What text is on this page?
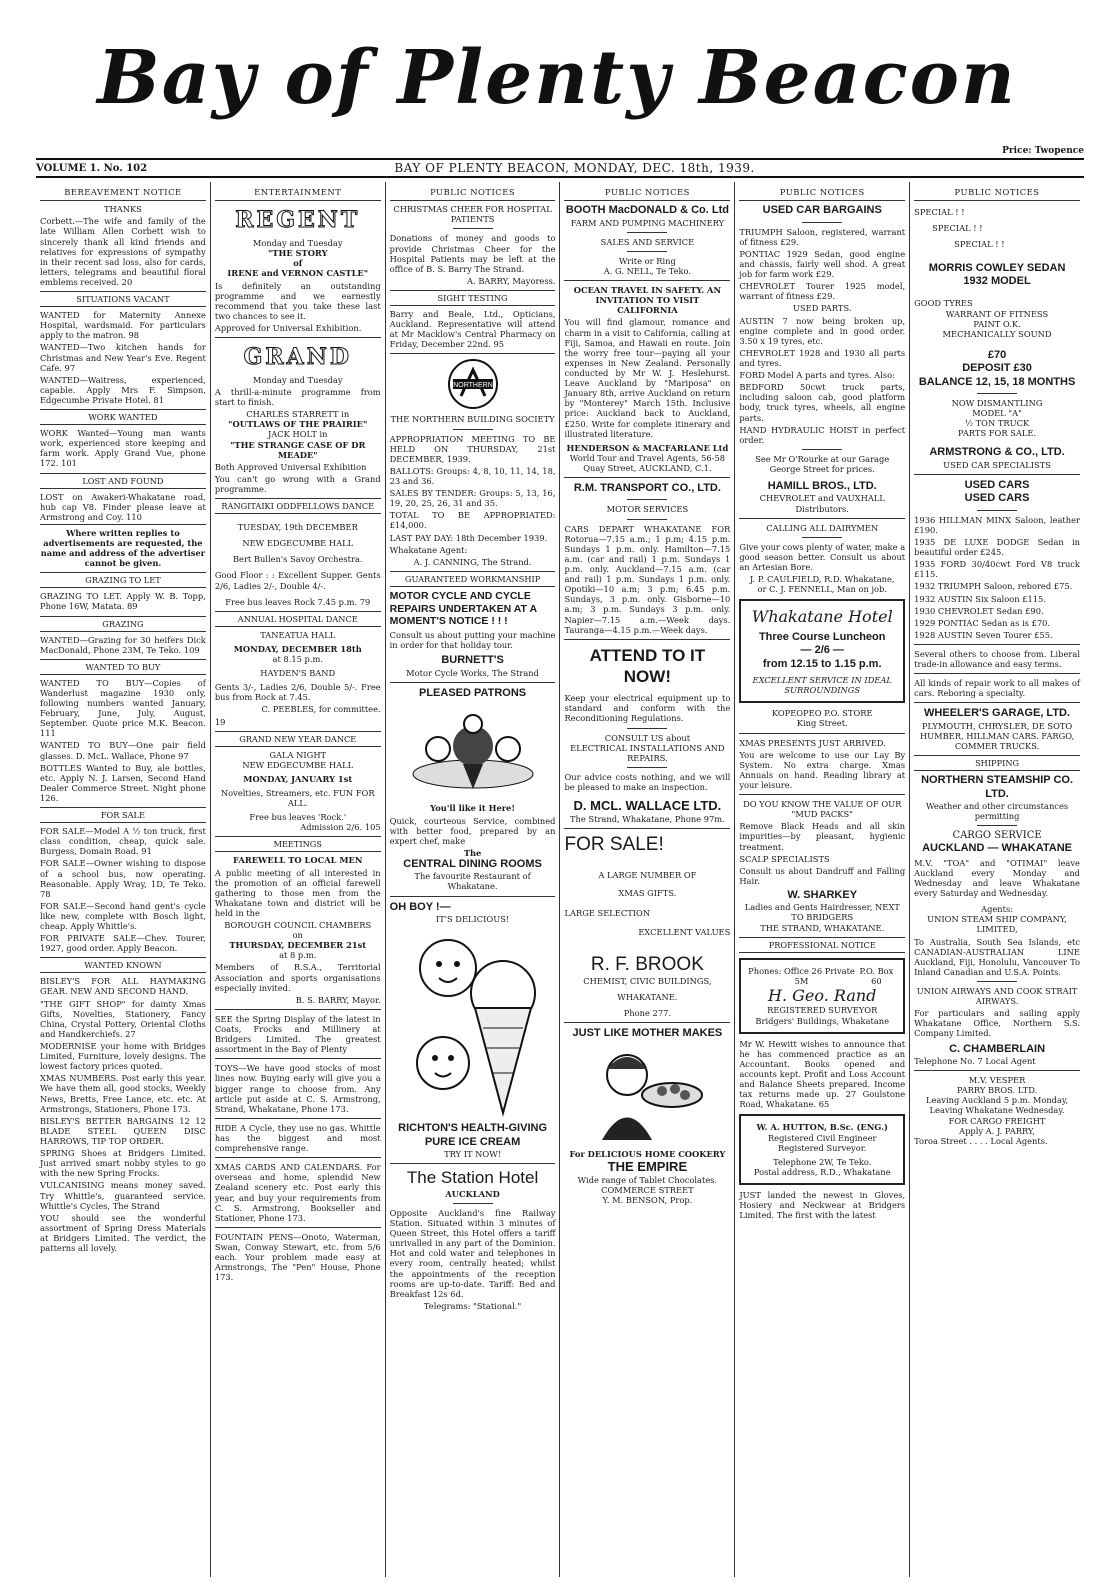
Bay of Plenty Beacon
VOLUME 1. No. 102	BAY OF PLENTY BEACON, MONDAY, DEC. 18th, 1939.
Price: Twopence
BEREAVEMENT NOTICE
THANKS

Corbett.—The wife and family of the late William Allen Corbett wish to sincerely thank all kind friends and relatives for expressions of sympathy in their recent sad loss, also for cards, letters, telegrams and beautiful floral emblems received. 20

SITUATIONS VACANT

WANTED for Maternity Annexe Hospital, wardsmaid. For particulars apply to the matron. 98

WANTED—Two kitchen hands for Christmas and New Year's Eve. Regent Cafe. 97

WANTED—Waitress, experienced, capable. Apply Mrs F. Simpson, Edgecumbe Private Hotel. 81

WORK WANTED

WORK Wanted—Young man wants work, experienced store keeping and farm work. Apply Grand Vue, phone 172. 101

LOST AND FOUND

LOST on Awakeri-Whakatane road, hub cap V8. Finder please leave at Armstrong and Coy. 110

Where written replies to advertisements are requested, the name and address of the advertiser cannot be given.

GRAZING TO LET

GRAZING TO LET. Apply W. B. Topp, Phone 16W, Matata. 89

GRAZING

WANTED—Grazing for 30 heifers Dick MacDonald, Phone 23M, Te Teko. 109

WANTED TO BUY

WANTED TO BUY—Copies of Wanderlust magazine 1930 only, following numbers wanted January, February, June, July, August, September. Quote price M.K. Beacon. 111

WANTED TO BUY—One pair field glasses. D. McL. Wallace, Phone 97

BOTTLES Wanted to Buy, ale bottles, etc. Apply N. J. Larsen, Second Hand Dealer Commerce Street. Night phone 126.

FOR SALE

FOR SALE—Model A ½ ton truck, first class condition, cheap, quick sale. Burgess, Domain Road. 91

FOR SALE—Owner wishing to dispose of a school bus, now operating. Reasonable. Apply Wray, 1D, Te Teko. 78

FOR SALE—Second hand gent's cycle like new, complete with Bosch light, cheap. Apply Whittle's.

FOR PRIVATE SALE—Chev. Tourer, 1927, good order. Apply Beacon.

WANTED KNOWN

BISLEY'S FOR ALL HAYMAKING GEAR. NEW AND SECOND HAND.

"THE GIFT SHOP" for dainty Xmas Gifts, Novelties, Stationery, Fancy China, Crystal Pottery, Oriental Cloths and Handkerchiefs. 27

MODERNISE your home with Bridges Limited, Furniture, lovely designs. The lowest factory prices quoted.

XMAS NUMBERS. Post early this year. We have them all, good stocks, Weekly News, Bretts, Free Lance, etc. etc. At Armstrongs, Stationers, Phone 173.

BISLEY'S BETTER BARGAINS 12 12 BLADE STEEL QUEEN DISC HARROWS, TIP TOP ORDER.

SPRING Shoes at Bridgers Limited. Just arrived smart nobby styles to go with the new Spring Frocks.

VULCANISING means money saved. Try Whittle's, guaranteed service. Whittle's Cycles, The Strand

YOU should see the wonderful assortment of Spring Dress Materials at Bridgers Limited. The verdict, the patterns all lovely.

ENTERTAINMENT
REGENT
Monday and Tuesday
"THE STORY
of
IRENE and VERNON CASTLE"

Is definitely an outstanding programme and we earnestly recommend that you take these last two chances to see it.

Approved for Universal Exhibition.

GRAND
Monday and Tuesday

A thrill-a-minute programme from start to finish.

CHARLES STARRETT in
"OUTLAWS OF THE PRAIRIE"
JACK HOLT in
"THE STRANGE CASE OF DR MEADE"

Both Approved Universal Exhibition

You can't go wrong with a Grand programme.

RANGITAIKI ODDFELLOWS DANCE
TUESDAY, 19th DECEMBER
NEW EDGECUMBE HALL
Bert Bullen's Savoy Orchestra.

Good Floor : : Excellent Supper. Gents 2/6, Ladies 2/-, Double 4/-.

Free bus leaves Rock 7.45 p.m. 79

ANNUAL HOSPITAL DANCE
TANEATUA HALL
MONDAY, DECEMBER 18th
at 8.15 p.m.
HAYDEN'S BAND

Gents 3/-, Ladies 2/6, Double 5/-. Free bus from Rock at 7.45.

C. PEEBLES, for committee.

19

GRAND NEW YEAR DANCE
GALA NIGHT
NEW EDGECUMBE HALL
MONDAY, JANUARY 1st
Novelties, Streamers, etc. FUN FOR ALL.
Free bus leaves 'Rock.'
Admission 2/6. 105
MEETINGS
FAREWELL TO LOCAL MEN

A public meeting of all interested in the promotion of an official farewell gathering to those men from the Whakatane town and district will be held in the

BOROUGH COUNCIL CHAMBERS
on
THURSDAY, DECEMBER 21st
at 8 p.m.

Members of R.S.A., Territorial Association and sports organisations especially invited.

B. S. BARRY, Mayor.

SEE the Spring Display of the latest in Coats, Frocks and Millinery at Bridgers Limited. The greatest assortment in the Bay of Plenty

TOYS—We have good stocks of most lines now. Buying early will give you a bigger range to choose from. Any article put aside at C. S. Armstrong, Strand, Whakatane, Phone 173.

RIDE A Cycle, they use no gas. Whittle has the biggest and most comprehensive range.

XMAS CARDS AND CALENDARS. For overseas and home, splendid New Zealand scenery etc. Post early this year, and buy your requirements from C. S. Armstrong, Bookseller and Stationer, Phone 173.

FOUNTAIN PENS—Onoto, Waterman, Swan, Conway Stewart, etc. from 5/6 each. Your problem made easy at Armstrongs, The "Pen" House, Phone 173.

PUBLIC NOTICES
CHRISTMAS CHEER FOR HOSPITAL PATIENTS

Donations of money and goods to provide Christmas Cheer for the Hospital Patients may be left at the office of B. S. Barry The Strand.

A. BARRY, Mayoress.

SIGHT TESTING

Barry and Beale, Ltd., Opticians, Auckland. Representative will attend at Mr Macklow's Central Pharmacy on Friday, December 22nd. 95

NORTHERN
THE NORTHERN BUILDING SOCIETY

APPROPRIATION MEETING TO BE HELD ON THURSDAY, 21st DECEMBER, 1939.

BALLOTS: Groups: 4, 8, 10, 11, 14, 18, 23 and 36.

SALES BY TENDER: Groups: 5, 13, 16, 19, 20, 25, 26, 31 and 35.

TOTAL TO BE APPROPRIATED: £14,000.

LAST PAY DAY: 18th December 1939.

Whakatane Agent:

A. J. CANNING, The Strand.
GUARANTEED WORKMANSHIP
MOTOR CYCLE AND CYCLE REPAIRS UNDERTAKEN AT A MOMENT'S NOTICE ! ! !

Consult us about putting your machine in order for that holiday tour.

BURNETT'S
Motor Cycle Works, The Strand
PLEASED PATRONS
You'll like it Here!

Quick, courteous Service, combined with better food, prepared by an expert chef, make

The
CENTRAL DINING ROOMS
The favourite Restaurant of Whakatane.
OH BOY !—
IT'S DELICIOUS!
RICHTON'S HEALTH-GIVING PURE ICE CREAM
TRY IT NOW!
The Station Hotel
AUCKLAND

Opposite Auckland's fine Railway Station. Situated within 3 minutes of Queen Street, this Hotel offers a tariff unrivalled in any part of the Dominion. Hot and cold water and telephones in every room, centrally heated; whilst the appointments of the reception rooms are up-to-date. Tariff: Bed and Breakfast 12s 6d.

Telegrams: "Stational."
PUBLIC NOTICES
BOOTH MacDONALD & Co. Ltd
FARM AND PUMPING MACHINERY
SALES AND SERVICE
Write or Ring
A. G. NELL, Te Teko.
OCEAN TRAVEL IN SAFETY. AN INVITATION TO VISIT CALIFORNIA

You will find glamour, romance and charm in a visit to California, calling at Fiji, Samoa, and Hawaii en route. Join the worry free tour—paying all your expenses in New Zealand. Personally conducted by Mr W. J. Heslehurst. Leave Auckland by "Mariposa" on January 8th, arrive Auckland on return by "Monterey" March 15th. Inclusive price: Auckland back to Auckland, £250. Write for complete itinerary and illustrated literature.

HENDERSON & MACFARLANE Ltd
World Tour and Travel Agents, 56-58 Quay Street, AUCKLAND, C.1.
R.M. TRANSPORT CO., LTD.
MOTOR SERVICES

CARS DEPART WHAKATANE FOR Rotorua—7.15 a.m.; 1 p.m; 4.15 p.m. Sundays 1 p.m. only. Hamilton—7.15 a.m. (car and rail) 1 p.m. Sundays 1 p.m. only. Auckland—7.15 a.m. (car and rail) 1 p.m. Sundays 1 p.m. only. Opotiki—10 a.m; 3 p.m; 6.45 p.m. Sundays, 3 p.m. only. Gisborne—10 a.m; 3 p.m. Sundays 3 p.m. only. Napier—7.15 a.m.—Week days. Tauranga—4.15 p.m.—Week days.

ATTEND TO IT NOW!

Keep your electrical equipment up to standard and conform with the Reconditioning Regulations.

CONSULT US about
ELECTRICAL INSTALLATIONS AND REPAIRS.

Our advice costs nothing, and we will be pleased to make an inspection.

D. MCL. WALLACE LTD.
The Strand, Whakatane, Phone 97m.
FOR SALE!
A LARGE NUMBER OF
XMAS GIFTS.
LARGE SELECTION
EXCELLENT VALUES
R. F. BROOK
CHEMIST, CIVIC BUILDINGS,
WHAKATANE.
Phone 277.
JUST LIKE MOTHER MAKES
For DELICIOUS HOME COOKERY
THE EMPIRE
Wide range of Tablet Chocolates.
COMMERCE STREET
Y. M. BENSON, Prop.
PUBLIC NOTICES
USED CAR BARGAINS

TRIUMPH Saloon, registered, warrant of fitness £29.

PONTIAC 1929 Sedan, good engine and chassis, fairly well shod. A great job for farm work £29.

CHEVROLET Tourer 1925 model, warrant of fitness £29.

USED PARTS.

AUSTIN 7 now being broken up, engine complete and in good order. 3.50 x 19 tyres, etc.

CHEVROLET 1928 and 1930 all parts and tyres.

FORD Model A parts and tyres. Also:

BEDFORD 50cwt truck parts, including saloon cab, good platform body, truck tyres, wheels, all engine parts.

HAND HYDRAULIC HOIST in perfect order.

See Mr O'Rourke at our Garage George Street for prices.
HAMILL BROS., LTD.
CHEVROLET and VAUXHALL Distributors.
CALLING ALL DAIRYMEN

Give your cows plenty of water, make a good season better. Consult us about an Artesian Bore.

J. P. CAULFIELD, R.D. Whakatane,
or C. J. FENNELL, Man on job.
Whakatane Hotel
Three Course Luncheon
— 2/6 —
from 12.15 to 1.15 p.m.
EXCELLENT SERVICE IN IDEAL SURROUNDINGS
KOPEOPEO P.O. STORE
King Street.
XMAS PRESENTS JUST ARRIVED.

You are welcome to use our Lay By System. No extra charge. Xmas Annuals on hand. Reading library at your leisure.

DO YOU KNOW THE VALUE OF OUR "MUD PACKS"

Remove Black Heads and all skin impurities—by pleasant, hygienic treatment.

SCALP SPECIALISTS

Consult us about Dandruff and Falling Hair.

W. SHARKEY
Ladies and Gents Hairdresser, NEXT TO BRIDGERS
THE STRAND, WHAKATANE.
PROFESSIONAL NOTICE
Phones: Office 26 Private 5M
P.O. Box 60
H. Geo. Rand
REGISTERED SURVEYOR
Bridgers' Buildings, Whakatane

Mr W. Hewitt wishes to announce that he has commenced practice as an Accountant. Books opened and accounts kept. Profit and Loss Account and Balance Sheets prepared. Income tax returns made up. 27 Goulstone Road, Whakatane. 65

W. A. HUTTON, B.Sc. (ENG.)
Registered Civil Engineer Registered Surveyor.
Telephone 2W, Te Teko.
Postal address, R.D., Whakatane

JUST landed the newest in Gloves, Hosiery and Neckwear at Bridgers Limited. The first with the latest

PUBLIC NOTICES
SPECIAL ! !
SPECIAL ! !
SPECIAL ! !
MORRIS COWLEY SEDAN
1932 MODEL
GOOD TYRES
WARRANT OF FITNESS
PAINT O.K.
MECHANICALLY SOUND
£70
DEPOSIT £30
BALANCE 12, 15, 18 MONTHS
NOW DISMANTLING
MODEL "A"
½ TON TRUCK
PARTS FOR SALE.
ARMSTRONG & CO., LTD.
USED CAR SPECIALISTS
USED CARS
USED CARS

1936 HILLMAN MINX Saloon, leather £190.

1935 DE LUXE DODGE Sedan in beautiful order £245.

1935 FORD 30/40cwt Ford V8 truck £115.

1932 TRIUMPH Saloon, rebored £75.

1932 AUSTIN Six Saloon £115.

1930 CHEVROLET Sedan £90.

1929 PONTIAC Sedan as is £70.

1928 AUSTIN Seven Tourer £55.

Several others to choose from. Liberal trade-in allowance and easy terms.

All kinds of repair work to all makes of cars. Reboring a specialty.

WHEELER'S GARAGE, LTD.
PLYMOUTH, CHRYSLER, DE SOTO HUMBER, HILLMAN CARS. FARGO, COMMER TRUCKS.
SHIPPING
NORTHERN STEAMSHIP CO. LTD.
Weather and other circumstances permitting
CARGO SERVICE
AUCKLAND — WHAKATANE

M.V. "TOA" and "OTIMAI" leave Auckland every Monday and Wednesday and leave Whakatane every Saturday and Wednesday.

Agents:
UNION STEAM SHIP COMPANY, LIMITED,

To Australia, South Sea Islands, etc CANADIAN-AUSTRALIAN LINE Auckland, Fiji, Honolulu, Vancouver To Inland Canadian and U.S.A. Points.

UNION AIRWAYS AND COOK STRAIT AIRWAYS.

For particulars and sailing apply Whakatane Office, Northern S.S. Company Limited.

C. CHAMBERLAIN
Telephone No. 7 Local Agent
M.V. VESPER
PARRY BROS. LTD.
Leaving Auckland 5 p.m. Monday, Leaving Whakatane Wednesday.
FOR CARGO FREIGHT
Apply A. J. PARRY,
Toroa Street . . . . Local Agents.
